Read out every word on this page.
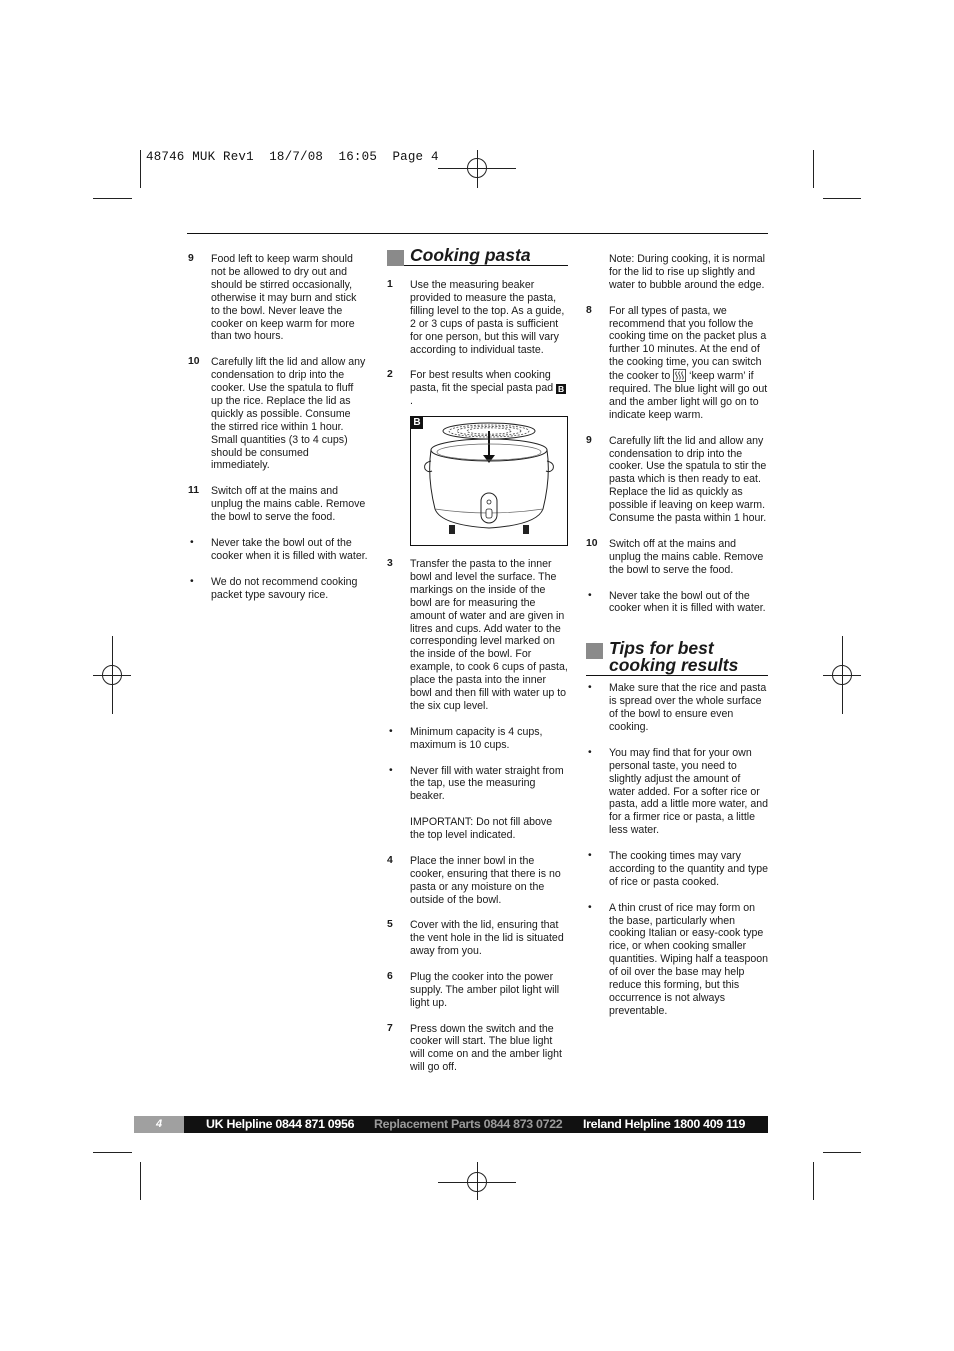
48746 MUK Rev1  18/7/08  16:05  Page 4
9 Food left to keep warm should not be allowed to dry out and should be stirred occasionally, otherwise it may burn and stick to the bowl. Never leave the cooker on keep warm for more than two hours.
10 Carefully lift the lid and allow any condensation to drip into the cooker. Use the spatula to fluff up the rice. Replace the lid as quickly as possible. Consume the stirred rice within 1 hour. Small quantities (3 to 4 cups) should be consumed immediately.
11 Switch off at the mains and unplug the mains cable. Remove the bowl to serve the food.
• Never take the bowl out of the cooker when it is filled with water.
• We do not recommend cooking packet type savoury rice.
Cooking pasta
1 Use the measuring beaker provided to measure the pasta, filling level to the top. As a guide, 2 or 3 cups of pasta is sufficient for one person, but this will vary according to individual taste.
2 For best results when cooking pasta, fit the special pasta pad B.
B
3 Transfer the pasta to the inner bowl and level the surface. The markings on the inside of the bowl are for measuring the amount of water and are given in litres and cups. Add water to the corresponding level marked on the inside of the bowl. For example, to cook 6 cups of pasta, place the pasta into the inner bowl and then fill with water up to the six cup level.
• Minimum capacity is 4 cups, maximum is 10 cups.
• Never fill with water straight from the tap, use the measuring beaker.
IMPORTANT: Do not fill above the top level indicated.
4 Place the inner bowl in the cooker, ensuring that there is no pasta or any moisture on the outside of the bowl.
5 Cover with the lid, ensuring that the vent hole in the lid is situated away from you.
6 Plug the cooker into the power supply. The amber pilot light will light up.
7 Press down the switch and the cooker will start. The blue light will come on and the amber light will go off.
Note: During cooking, it is normal for the lid to rise up slightly and water to bubble around the edge.
8 For all types of pasta, we recommend that you follow the cooking time on the packet plus a further 10 minutes. At the end of the cooking time, you can switch the cooker to  ‘keep warm’ if required. The blue light will go out and the amber light will go on to indicate keep warm.
9 Carefully lift the lid and allow any condensation to drip into the cooker. Use the spatula to stir the pasta which is then ready to eat. Replace the lid as quickly as possible if leaving on keep warm. Consume the pasta within 1 hour.
10 Switch off at the mains and unplug the mains cable. Remove the bowl to serve the food.
• Never take the bowl out of the cooker when it is filled with water.
Tips for best
cooking results
• Make sure that the rice and pasta is spread over the whole surface of the bowl to ensure even cooking.
• You may find that for your own personal taste, you need to slightly adjust the amount of water added. For a softer rice or pasta, add a little more water, and for a firmer rice or pasta, a little less water.
• The cooking times may vary according to the quantity and type of rice or pasta cooked.
• A thin crust of rice may form on the base, particularly when cooking Italian or easy-cook type rice, or when cooking smaller quantities. Wiping half a teaspoon of oil over the base may help reduce this forming, but this occurrence is not always preventable.
4	UK Helpline 0844 871 0956 Replacement Parts 0844 873 0722 Ireland Helpline 1800 409 119
